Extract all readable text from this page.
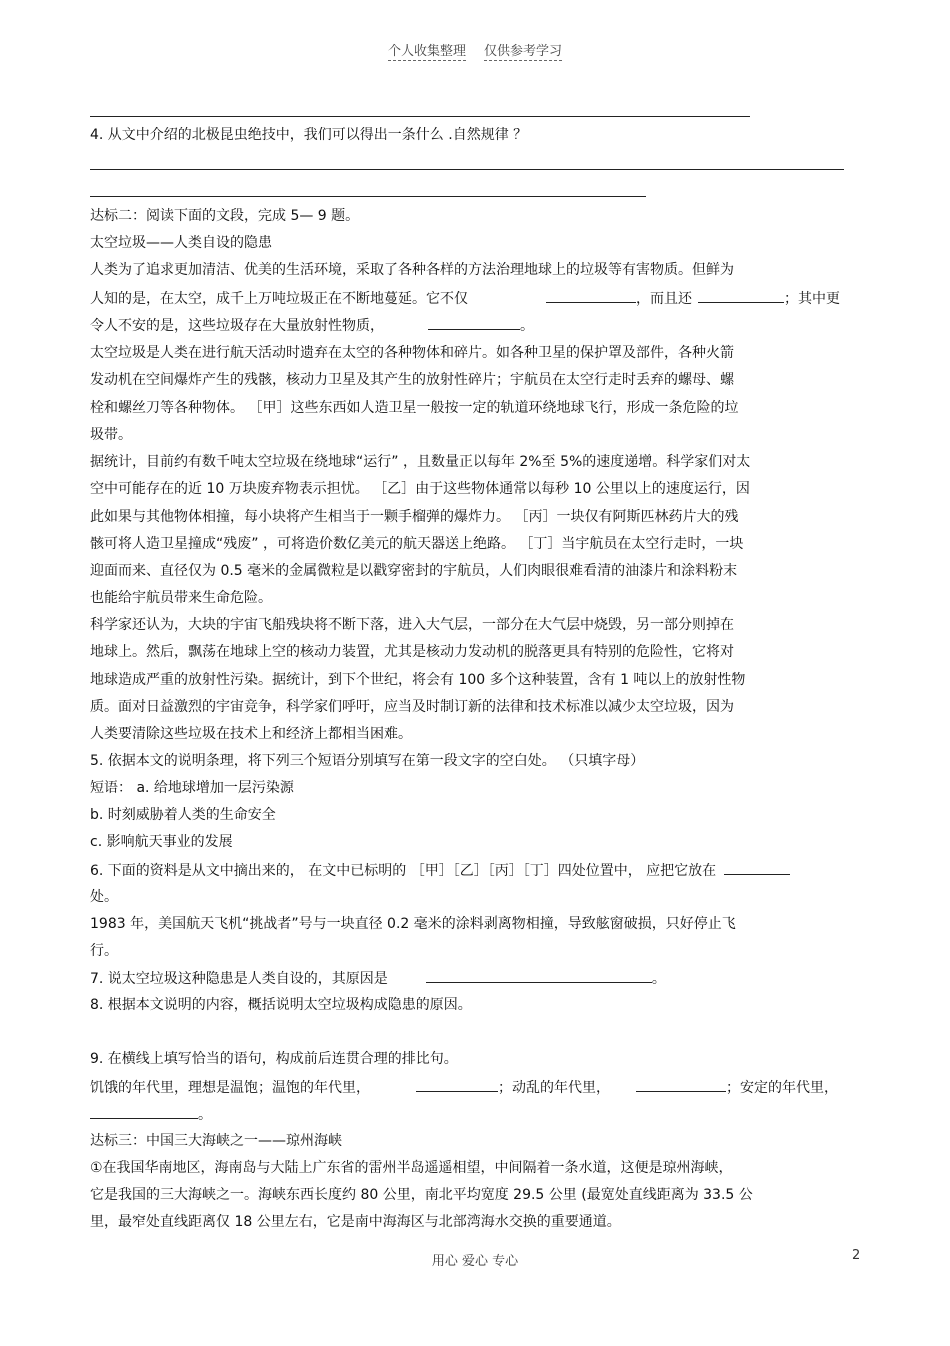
个人收集整理 仅供参考学习
4. 从文中介绍的北极昆虫绝技中，我们可以得出一条什么 .自然规律 ？
达标二：阅读下面的文段，完成 5— 9 题。
太空垃圾——人类自设的隐患
人类为了追求更加清洁、优美的生活环境，采取了各种各样的方法治理地球上的垃圾等有害物质。但鲜为
人知的是，在太空，成千上万吨垃圾正在不断地蔓延。它不仅	，而且还	；其中更
令人不安的是，这些垃圾存在大量放射性物质，	。
太空垃圾是人类在进行航天活动时遗弃在太空的各种物体和碎片。如各种卫星的保护罩及部件，各种火箭
发动机在空间爆炸产生的残骸，核动力卫星及其产生的放射性碎片；宇航员在太空行走时丢弃的螺母、螺
栓和螺丝刀等各种物体。 ［甲］这些东西如人造卫星一般按一定的轨道环绕地球飞行，形成一条危险的垃
圾带。
据统计，目前约有数千吨太空垃圾在绕地球“运行” ，且数量正以每年 2%至 5%的速度递增。科学家们对太
空中可能存在的近 10 万块废弃物表示担忧。 ［乙］由于这些物体通常以每秒 10 公里以上的速度运行，因
此如果与其他物体相撞，每小块将产生相当于一颗手榴弹的爆炸力。 ［丙］一块仅有阿斯匹林药片大的残
骸可将人造卫星撞成“残废” ，可将造价数亿美元的航天器送上绝路。 ［丁］当宇航员在太空行走时，一块
迎面而来、直径仅为 0.5 毫米的金属微粒是以戳穿密封的宇航员，人们肉眼很难看清的油漆片和涂料粉末
也能给宇航员带来生命危险。
科学家还认为，大块的宇宙飞船残块将不断下落，进入大气层，一部分在大气层中烧毁，另一部分则掉在
地球上。然后，飘荡在地球上空的核动力装置，尤其是核动力发动机的脱落更具有特别的危险性，它将对
地球造成严重的放射性污染。据统计，到下个世纪，将会有 100 多个这种装置，含有 1 吨以上的放射性物
质。面对日益激烈的宇宙竞争，科学家们呼吁，应当及时制订新的法律和技术标准以减少太空垃圾，因为
人类要清除这些垃圾在技术上和经济上都相当困难。
5. 依据本文的说明条理，将下列三个短语分别填写在第一段文字的空白处。 （只填字母）
短语： a. 给地球增加一层污染源
b. 时刻威胁着人类的生命安全
c. 影响航天事业的发展
6. 下面的资料是从文中摘出来的， 在文中已标明的 ［甲］［乙］［丙］［丁］四处位置中， 应把它放在
处。
1983 年，美国航天飞机“挑战者”号与一块直径 0.2 毫米的涂料剥离物相撞，导致舷窗破损，只好停止飞
行。
7. 说太空垃圾这种隐患是人类自设的，其原因是	。
8. 根据本文说明的内容，概括说明太空垃圾构成隐患的原因。
9. 在横线上填写恰当的语句，构成前后连贯合理的排比句。
饥饿的年代里，理想是温饱；温饱的年代里，	；动乱的年代里，	；安定的年代里，
。
达标三：中国三大海峡之一——琼州海峡
①在我国华南地区，海南岛与大陆上广东省的雷州半岛遥遥相望，中间隔着一条水道，这便是琼州海峡，
它是我国的三大海峡之一。海峡东西长度约 80 公里，南北平均宽度 29.5 公里 (最宽处直线距离为 33.5 公
里，最窄处直线距离仅 18 公里左右，它是南中海海区与北部湾海水交换的重要通道。
用心 爱心 专心	2
